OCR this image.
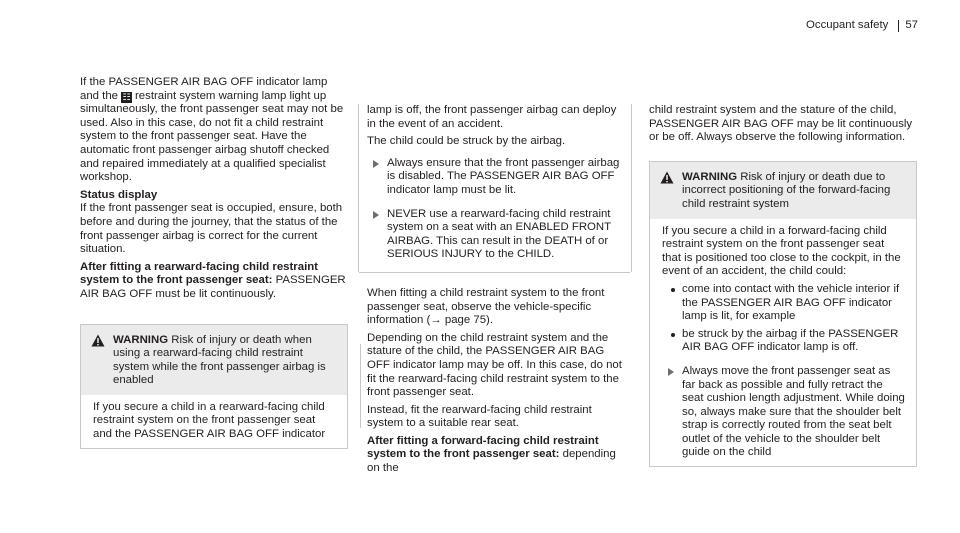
Occupant safety 57

If the PASSENGER AIR BAG OFF indicator lamp and the ☷ restraint system warning lamp light up simultaneously, the front passenger seat may not be used. Also in this case, do not fit a child restraint system to the front passenger seat. Have the automatic front passenger airbag shutoff checked and repaired immediately at a qualified specialist workshop.

Status display

If the front passenger seat is occupied, ensure, both before and during the journey, that the status of the front passenger airbag is correct for the current situation.

After fitting a rearward-facing child restraint system to the front passenger seat: PASSENGER AIR BAG OFF must be lit continuously.

WARNING Risk of injury or death when using a rearward-facing child restraint system while the front passenger airbag is enabled
If you secure a child in a rearward-facing child restraint system on the front passenger seat and the PASSENGER AIR BAG OFF indicator

lamp is off, the front passenger airbag can deploy in the event of an accident.

The child could be struck by the airbag.

Always ensure that the front passenger airbag is disabled. The PASSENGER AIR BAG OFF indicator lamp must be lit.
NEVER use a rearward-facing child restraint system on a seat with an ENABLED FRONT AIRBAG. This can result in the DEATH of or SERIOUS INJURY to the CHILD.

When fitting a child restraint system to the front passenger seat, observe the vehicle-specific information (→ page 75).

Depending on the child restraint system and the stature of the child, the PASSENGER AIR BAG OFF indicator lamp may be off. In this case, do not fit the rearward-facing child restraint system to the front passenger seat.

Instead, fit the rearward-facing child restraint system to a suitable rear seat.

After fitting a forward-facing child restraint system to the front passenger seat: depending on the

child restraint system and the stature of the child, PASSENGER AIR BAG OFF may be lit continuously or be off. Always observe the following information.

WARNING Risk of injury or death due to incorrect positioning of the forward-facing child restraint system

If you secure a child in a forward-facing child restraint system on the front passenger seat that is positioned too close to the cockpit, in the event of an accident, the child could:

come into contact with the vehicle interior if the PASSENGER AIR BAG OFF indicator lamp is lit, for example
be struck by the airbag if the PASSENGER AIR BAG OFF indicator lamp is off.
Always move the front passenger seat as far back as possible and fully retract the seat cushion length adjustment. While doing so, always make sure that the shoulder belt strap is correctly routed from the seat belt outlet of the vehicle to the shoulder belt guide on the child
